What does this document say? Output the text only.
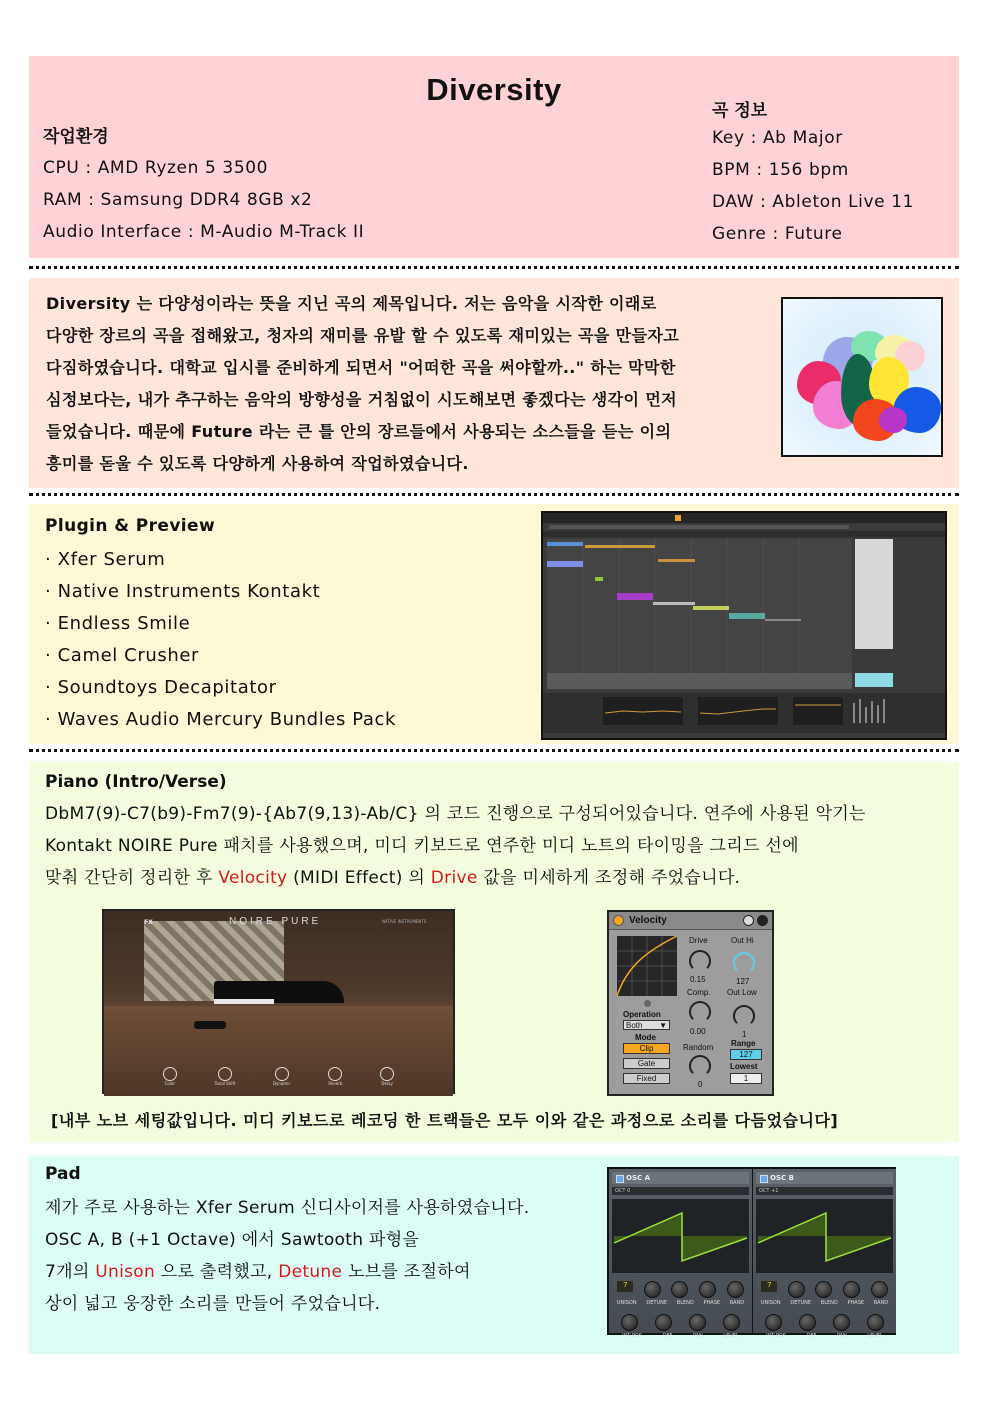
Diversity
작업환경
CPU : AMD Ryzen 5 3500
RAM : Samsung DDR4 8GB x2
Audio Interface : M-Audio M-Track II
곡 정보
Key : Ab Major
BPM : 156 bpm
DAW : Ableton Live 11
Genre : Future
Diversity 는 다양성이라는 뜻을 지닌 곡의 제목입니다. 저는 음악을 시작한 이래로
다양한 장르의 곡을 접해왔고, 청자의 재미를 유발 할 수 있도록 재미있는 곡을 만들자고
다짐하였습니다. 대학교 입시를 준비하게 되면서 "어떠한 곡을 써야할까.." 하는 막막한
심정보다는, 내가 추구하는 음악의 방향성을 거침없이 시도해보면 좋겠다는 생각이 먼저
들었습니다. 때문에 Future 라는 큰 틀 안의 장르들에서 사용되는 소스들을 듣는 이의
흥미를 돋울 수 있도록 다양하게 사용하여 작업하였습니다.
Plugin & Preview
· Xfer Serum
· Native Instruments Kontakt
· Endless Smile
· Camel Crusher
· Soundtoys Decapitator
· Waves Audio Mercury Bundles Pack
Piano (Intro/Verse)
DbM7(9)-C7(b9)-Fm7(9)-{Ab7(9,13)-Ab/C} 의 코드 진행으로 구성되어있습니다. 연주에 사용된 악기는
Kontakt NOIRE Pure 패치를 사용했으며, 미디 키보드로 연주한 미디 노트의 타이밍을 그리드 선에
맞춰 간단히 정리한 후 Velocity (MIDI Effect) 의 Drive 값을 미세하게 조정해 주었습니다.
NOIRE PURE	NATIVE INSTRUMENTS
FX
Color	Tonal Shift	Dynamic	Reverb	Delay
Velocity
Operation
Both ▼
Mode
Clip
Gate
Fixed
Drive
0.15
Comp.
0.00
Random
0
Out Hi
127
Out Low
1
Range
127
Lowest
1
[내부 노브 세팅값입니다. 미디 키보드로 레코딩 한 트랙들은 모두 이와 같은 과정으로 소리를 다듬었습니다]
Pad
제가 주로 사용하는 Xfer Serum 신디사이저를 사용하였습니다.
OSC A, B (+1 Octave) 에서 Sawtooth 파형을
7개의 Unison 으로 출력했고, Detune 노브를 조절하여
상이 넓고 웅장한 소리를 만들어 주었습니다.
OSC A
OCT 0
7
UNISON DETUNE BLEND PHASE RAND
WT POS	OFF	PAN	LEVEL
OSC B
OCT +1
7
UNISON DETUNE BLEND PHASE RAND
WT POS	OFF	PAN	LEVEL
